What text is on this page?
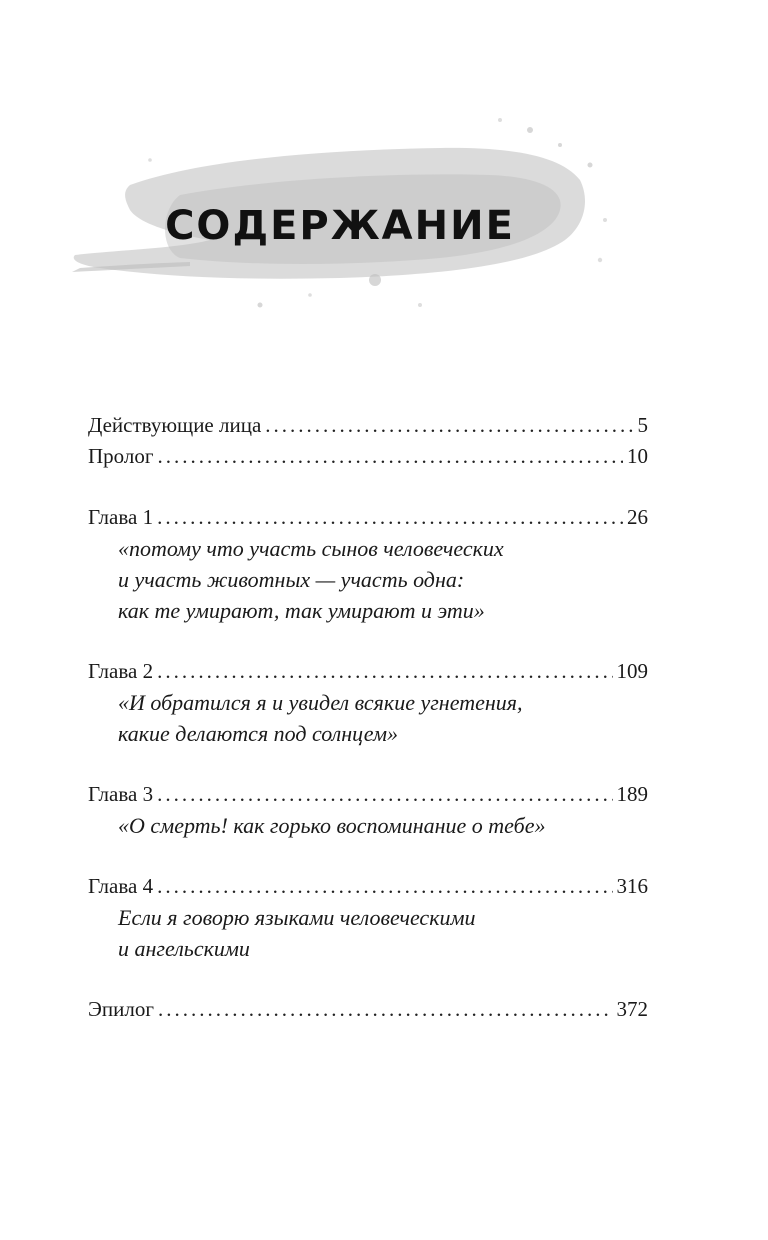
СОДЕРЖАНИЕ
Действующие лица .....	5
Пролог .....	10
Глава 1 .....	26
«потому что участь сынов человеческих
и участь животных — участь одна:
как те умирают, так умирают и эти»
Глава 2 .....	109
«И обратился я и увидел всякие угнетения,
какие делаются под солнцем»
Глава 3 .....	189
«О смерть! как горько воспоминание о тебе»
Глава 4 .....	316
Если я говорю языками человеческими
и ангельскими
Эпилог .....	372
